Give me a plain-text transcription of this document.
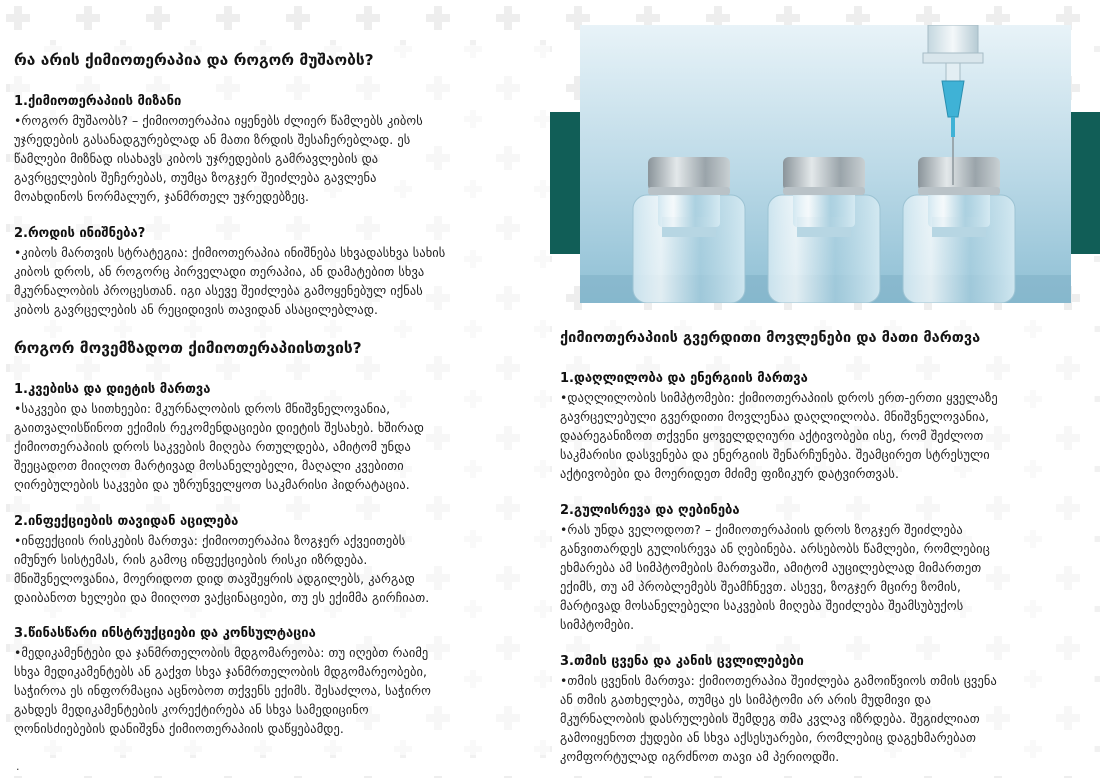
რა არის ქიმიოთერაპია და როგორ მუშაობს?

1.ქიმიოთერაპიის მიზანი

•როგორ მუშაობს? – ქიმიოთერაპია იყენებს ძლიერ წამლებს კიბოს
უჯრედების გასანადგურებლად ან მათი ზრდის შესაჩერებლად. ეს
წამლები მიზნად ისახავს კიბოს უჯრედების გამრავლების და
გავრცელების შეჩერებას, თუმცა ზოგჯერ შეიძლება გავლენა
მოახდინოს ნორმალურ, ჯანმრთელ უჯრედებზეც.

2.როდის ინიშნება?

•კიბოს მართვის სტრატეგია: ქიმიოთერაპია ინიშნება სხვადასხვა სახის
კიბოს დროს, ან როგორც პირველადი თერაპია, ან დამატებით სხვა
მკურნალობის პროცესთან. იგი ასევე შეიძლება გამოყენებულ იქნას
კიბოს გავრცელების ან რეციდივის თავიდან ასაცილებლად.

როგორ მოვემზადოთ ქიმიოთერაპიისთვის?

1.კვებისა და დიეტის მართვა

•საკვები და სითხეები: მკურნალობის დროს მნიშვნელოვანია,
გაითვალისწინოთ ექიმის რეკომენდაციები დიეტის შესახებ. ხშირად
ქიმიოთერაპიის დროს საკვების მიღება რთულდება, ამიტომ უნდა
შეეცადოთ მიიღოთ მარტივად მოსანელებელი, მაღალი კვებითი
ღირებულების საკვები და უზრუნველყოთ საკმარისი ჰიდრატაცია.

2.ინფექციების თავიდან აცილება

•ინფექციის რისკების მართვა: ქიმიოთერაპია ზოგჯერ აქვეითებს
იმუნურ სისტემას, რის გამოც ინფექციების რისკი იზრდება.
მნიშვნელოვანია, მოერიდოთ დიდ თავშეყრის ადგილებს, კარგად
დაიბანოთ ხელები და მიიღოთ ვაქცინაციები, თუ ეს ექიმმა გირჩიათ.

3.წინასწარი ინსტრუქციები და კონსულტაცია

•მედიკამენტები და ჯანმრთელობის მდგომარეობა: თუ იღებთ რაიმე
სხვა მედიკამენტებს ან გაქვთ სხვა ჯანმრთელობის მდგომარეობები,
საჭიროა ეს ინფორმაცია აცნობოთ თქვენს ექიმს. შესაძლოა, საჭირო
გახდეს მედიკამენტების კორექტირება ან სხვა სამედიცინო
ღონისძიებების დანიშვნა ქიმიოთერაპიის დაწყებამდე.

.
ქიმიოთერაპიის გვერდითი მოვლენები და მათი მართვა

1.დაღლილობა და ენერგიის მართვა

•დაღლილობის სიმპტომები: ქიმიოთერაპიის დროს ერთ-ერთი ყველაზე
გავრცელებული გვერდითი მოვლენაა დაღლილობა. მნიშვნელოვანია,
დაარეგანიზოთ თქვენი ყოველდღიური აქტივობები ისე, რომ შეძლოთ
საკმარისი დასვენება და ენერგიის შენარჩუნება. შეამცირეთ სტრესული
აქტივობები და მოერიდეთ მძიმე ფიზიკურ დატვირთვას.

2.გულისრევა და ღებინება

•რას უნდა ველოდოთ? – ქიმიოთერაპიის დროს ზოგჯერ შეიძლება
განვითარდეს გულისრევა ან ღებინება. არსებობს წამლები, რომლებიც
ეხმარება ამ სიმპტომების მართვაში, ამიტომ აუცილებლად მიმართეთ
ექიმს, თუ ამ პრობლემებს შეამჩნევთ. ასევე, ზოგჯერ მცირე ზომის,
მარტივად მოსანელებელი საკვების მიღება შეიძლება შეამსუბუქოს
სიმპტომები.

3.თმის ცვენა და კანის ცვლილებები

•თმის ცვენის მართვა: ქიმიოთერაპია შეიძლება გამოიწვიოს თმის ცვენა
ან თმის გათხელება, თუმცა ეს სიმპტომი არ არის მუდმივი და
მკურნალობის დასრულების შემდეგ თმა კვლავ იზრდება. შეგიძლიათ
გამოიყენოთ ქუდები ან სხვა აქსესუარები, რომლებიც დაგეხმარებათ
კომფორტულად იგრძნოთ თავი ამ პერიოდში.
